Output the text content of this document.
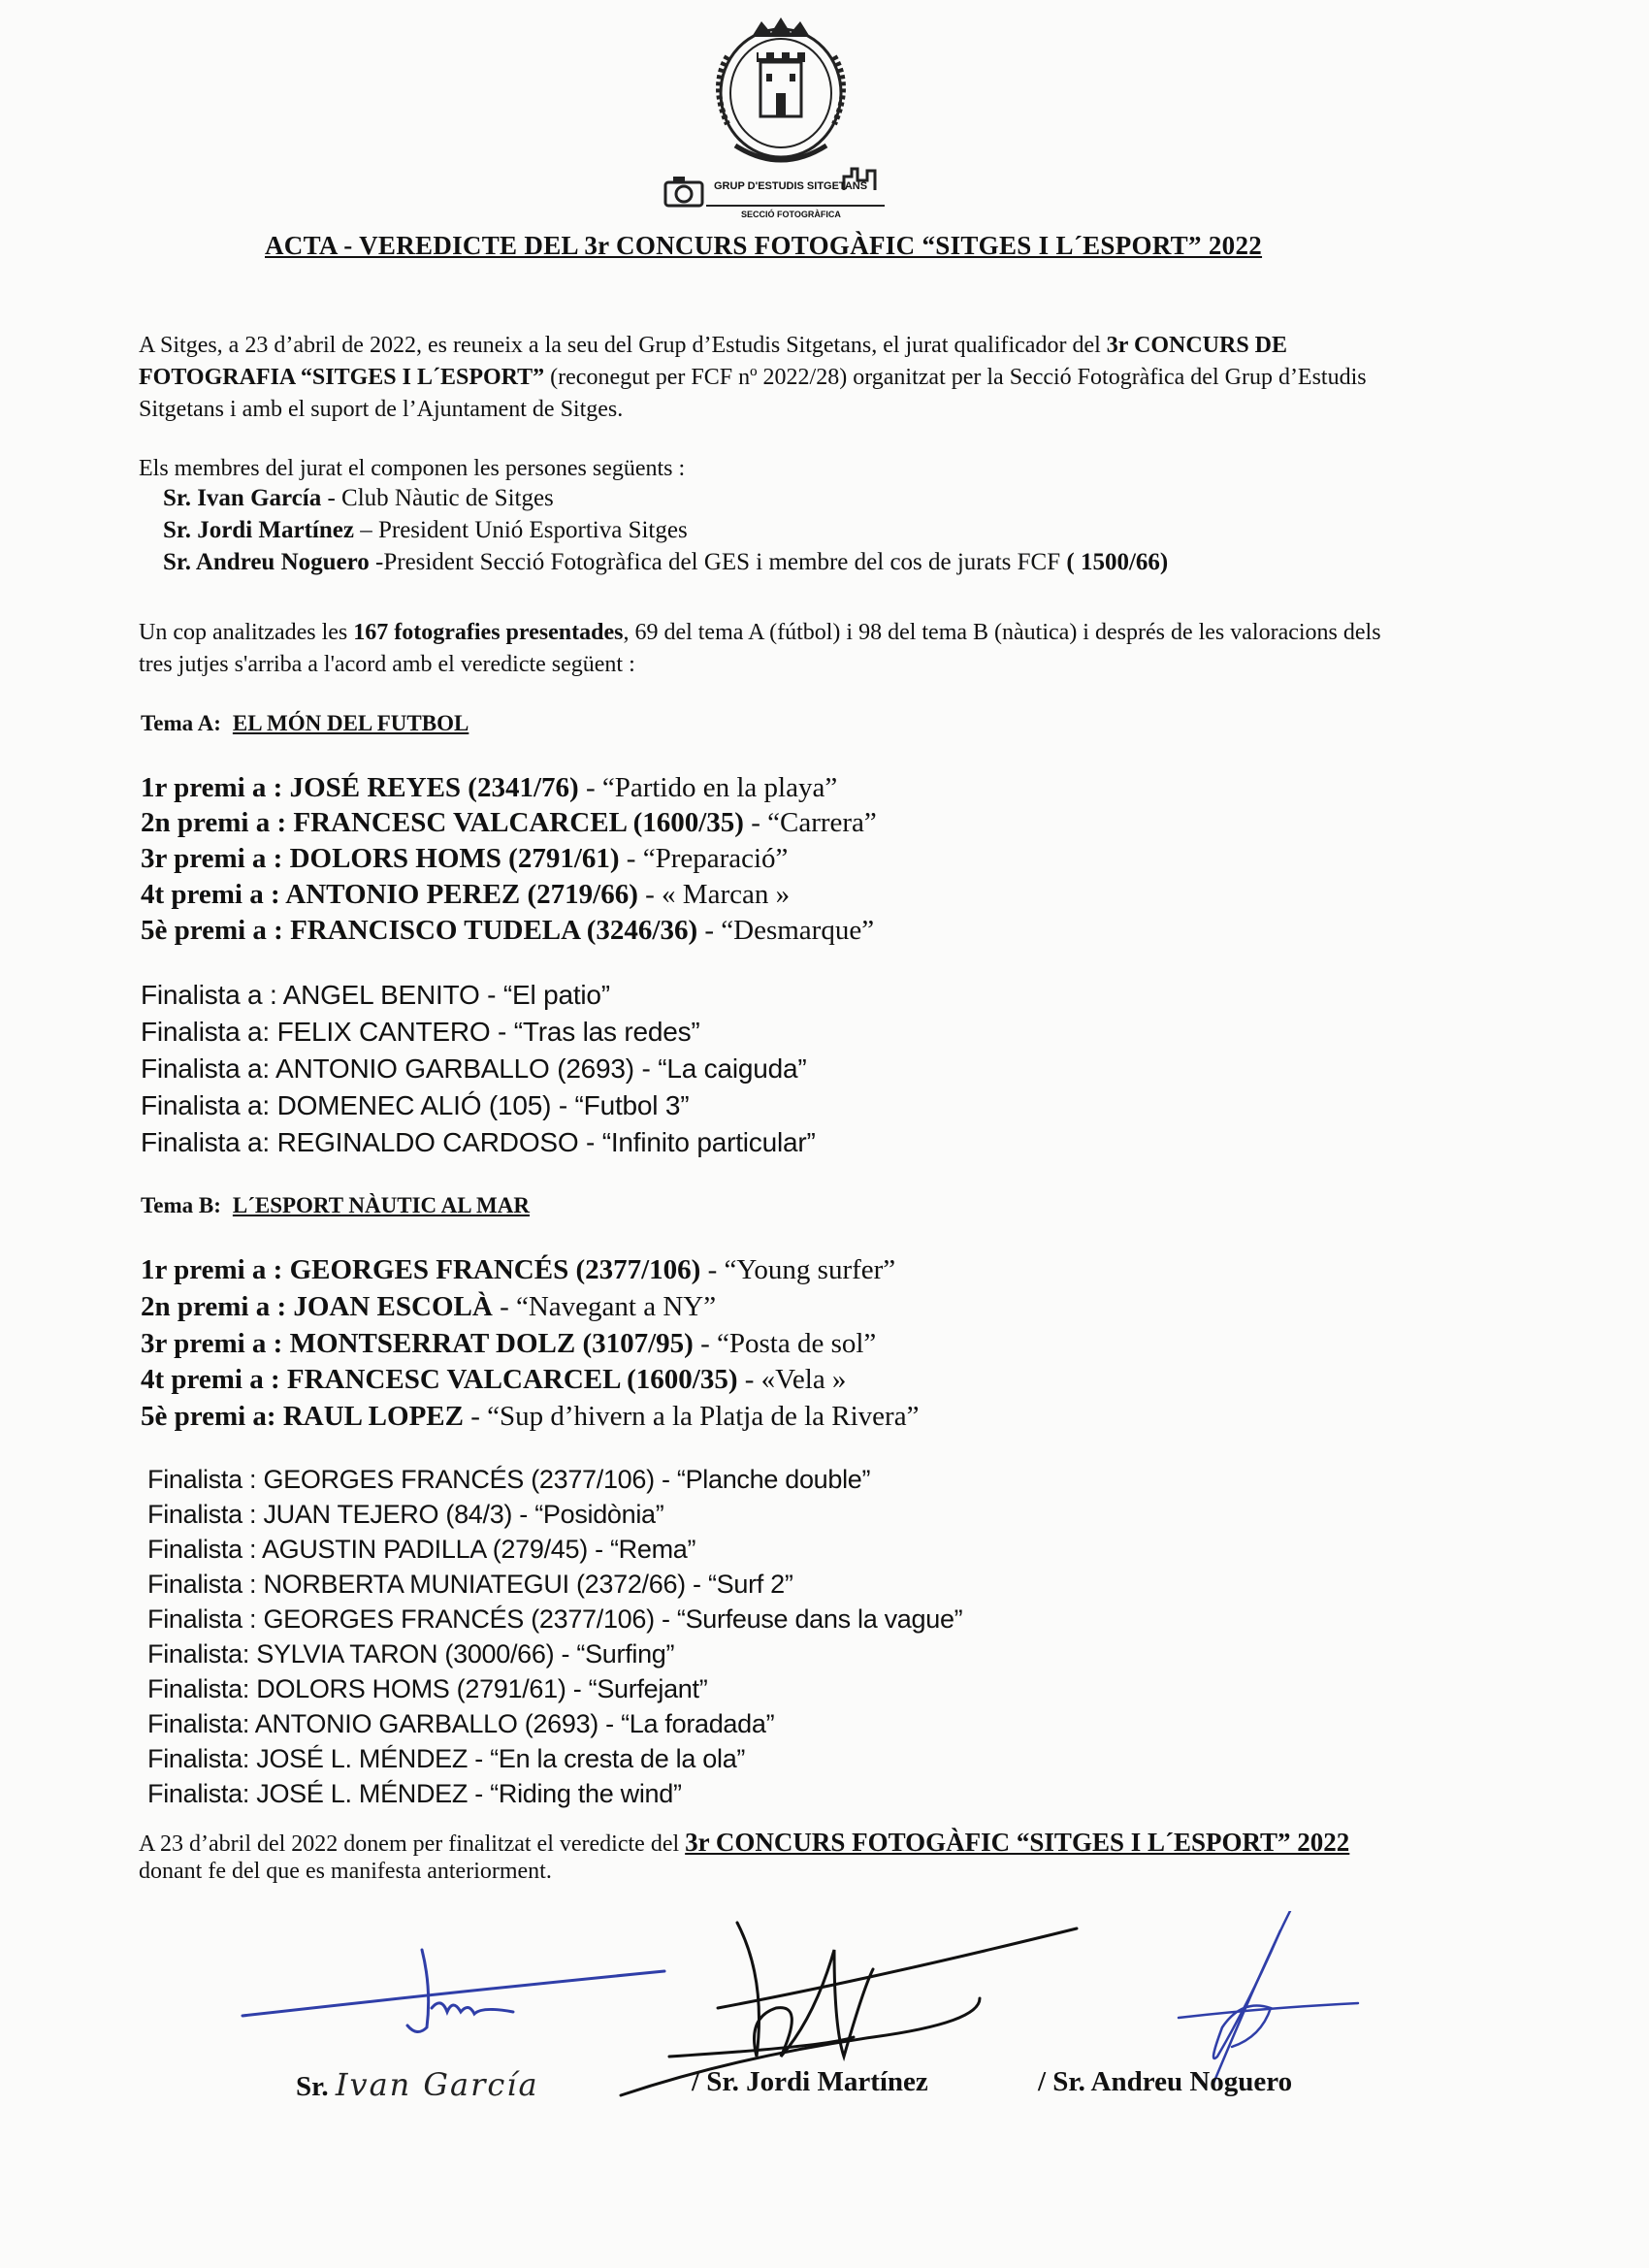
GRUP D'ESTUDIS SITGETANS
SECCIÓ FOTOGRÀFICA
ACTA - VEREDICTE DEL 3r CONCURS FOTOGÀFIC “SITGES I L´ESPORT” 2022
A Sitges, a 23 d’abril de 2022, es reuneix a la seu del Grup d’Estudis Sitgetans, el jurat qualificador del 3r CONCURS DE
FOTOGRAFIA “SITGES I L´ESPORT” (reconegut per FCF nº 2022/28) organitzat per la Secció Fotogràfica del Grup d’Estudis
Sitgetans i amb el suport de l’Ajuntament de Sitges.
Els membres del jurat el componen les persones següents :
Sr. Ivan García - Club Nàutic de Sitges
Sr. Jordi Martínez – President Unió Esportiva Sitges
Sr. Andreu Noguero -President Secció Fotogràfica del GES i membre del cos de jurats FCF ( 1500/66)
Un cop analitzades les 167 fotografies presentades, 69 del tema A (fútbol) i 98 del tema B (nàutica) i després de les valoracions dels
tres jutjes s'arriba a l'acord amb el veredicte següent :
Tema A: EL MÓN DEL FUTBOL
1r premi a : JOSÉ REYES (2341/76) - “Partido en la playa”
2n premi a : FRANCESC VALCARCEL (1600/35) - “Carrera”
3r premi a : DOLORS HOMS (2791/61) - “Preparació”
4t premi a : ANTONIO PEREZ (2719/66) - « Marcan »
5è premi a : FRANCISCO TUDELA (3246/36) - “Desmarque”
Finalista a : ANGEL BENITO - “El patio”
Finalista a: FELIX CANTERO - “Tras las redes”
Finalista a: ANTONIO GARBALLO (2693) - “La caiguda”
Finalista a: DOMENEC ALIÓ (105) - “Futbol 3”
Finalista a: REGINALDO CARDOSO - “Infinito particular”
Tema B: L´ESPORT NÀUTIC AL MAR
1r premi a : GEORGES FRANCÉS (2377/106) - “Young surfer”
2n premi a : JOAN ESCOLÀ - “Navegant a NY”
3r premi a : MONTSERRAT DOLZ (3107/95) - “Posta de sol”
4t premi a : FRANCESC VALCARCEL (1600/35) - «Vela »
5è premi a: RAUL LOPEZ - “Sup d’hivern a la Platja de la Rivera”
Finalista : GEORGES FRANCÉS (2377/106) - “Planche double”
Finalista : JUAN TEJERO (84/3) - “Posidònia”
Finalista : AGUSTIN PADILLA (279/45) - “Rema”
Finalista : NORBERTA MUNIATEGUI (2372/66) - “Surf 2”
Finalista : GEORGES FRANCÉS (2377/106) - “Surfeuse dans la vague”
Finalista: SYLVIA TARON (3000/66) - “Surfing”
Finalista: DOLORS HOMS (2791/61) - “Surfejant”
Finalista: ANTONIO GARBALLO (2693) - “La foradada”
Finalista: JOSÉ L. MÉNDEZ - “En la cresta de la ola”
Finalista: JOSÉ L. MÉNDEZ - “Riding the wind”
A 23 d’abril del 2022 donem per finalitzat el veredicte del 3r CONCURS FOTOGÀFIC “SITGES I L´ESPORT” 2022
donant fe del que es manifesta anteriorment.
Sr. Ivan García	/ Sr. Jordi Martínez	/ Sr. Andreu Noguero
